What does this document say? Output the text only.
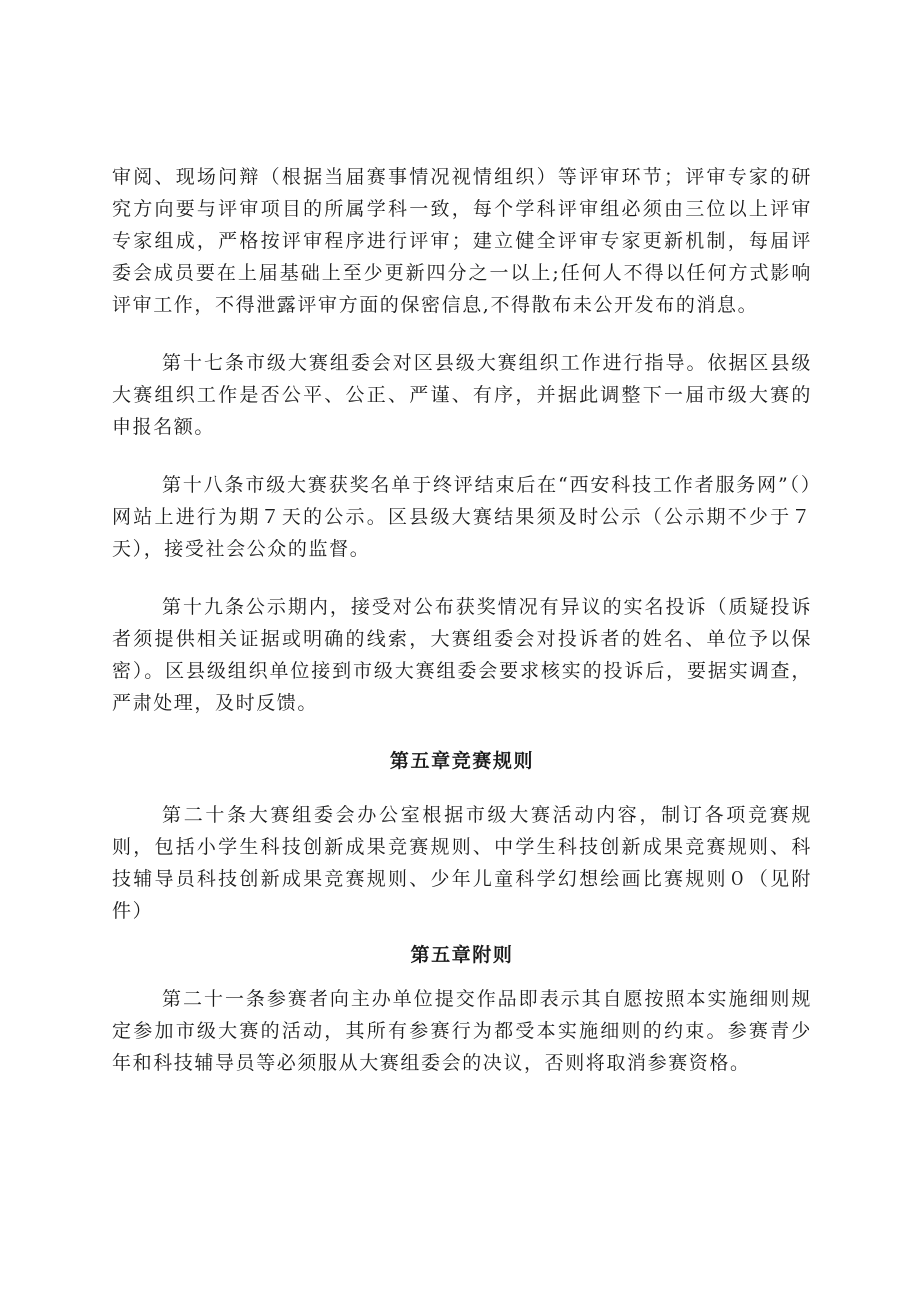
审阅、现场问辩（根据当届赛事情况视情组织）等评审环节；评审专家的研究方向要与评审项目的所属学科一致，每个学科评审组必须由三位以上评审专家组成，严格按评审程序进行评审；建立健全评审专家更新机制，每届评委会成员要在上届基础上至少更新四分之一以上;任何人不得以任何方式影响评审工作，不得泄露评审方面的保密信息,不得散布未公开发布的消息。

第十七条市级大赛组委会对区县级大赛组织工作进行指导。依据区县级大赛组织工作是否公平、公正、严谨、有序，并据此调整下一届市级大赛的申报名额。

第十八条市级大赛获奖名单于终评结束后在“西安科技工作者服务网”（）网站上进行为期７天的公示。区县级大赛结果须及时公示（公示期不少于７天），接受社会公众的监督。

第十九条公示期内，接受对公布获奖情况有异议的实名投诉（质疑投诉者须提供相关证据或明确的线索，大赛组委会对投诉者的姓名、单位予以保密）。区县级组织单位接到市级大赛组委会要求核实的投诉后，要据实调查，严肃处理，及时反馈。

第五章竞赛规则

第二十条大赛组委会办公室根据市级大赛活动内容，制订各项竞赛规则，包括小学生科技创新成果竞赛规则、中学生科技创新成果竞赛规则、科技辅导员科技创新成果竞赛规则、少年儿童科学幻想绘画比赛规则０（见附件）

第五章附则

第二十一条参赛者向主办单位提交作品即表示其自愿按照本实施细则规定参加市级大赛的活动，其所有参赛行为都受本实施细则的约束。参赛青少年和科技辅导员等必须服从大赛组委会的决议，否则将取消参赛资格。
